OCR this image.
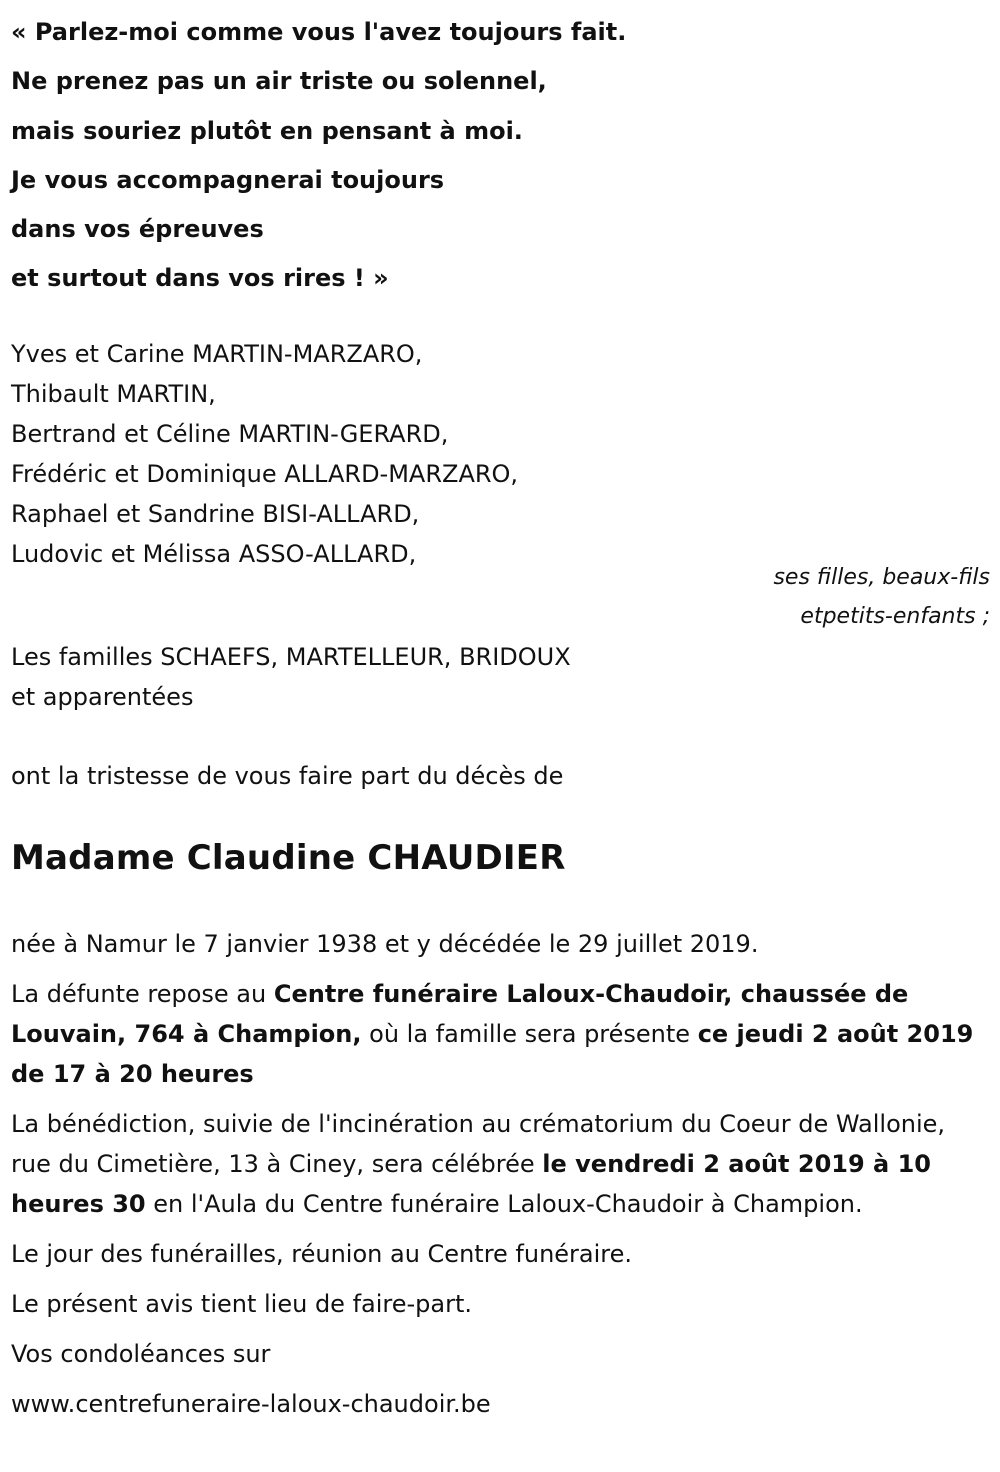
« Parlez-moi comme vous l'avez toujours fait.
Ne prenez pas un air triste ou solennel,
mais souriez plutôt en pensant à moi.
Je vous accompagnerai toujours
dans vos épreuves
et surtout dans vos rires ! »
Yves et Carine MARTIN-MARZARO,
Thibault MARTIN,
Bertrand et Céline MARTIN-GERARD,
Frédéric et Dominique ALLARD-MARZARO,
Raphael et Sandrine BISI-ALLARD,
Ludovic et Mélissa ASSO-ALLARD,
ses filles, beaux-fils
etpetits-enfants ;
Les familles SCHAEFS, MARTELLEUR, BRIDOUX
et apparentées
ont la tristesse de vous faire part du décès de
Madame Claudine CHAUDIER

née à Namur le 7 janvier 1938 et y décédée le 29 juillet 2019.

La défunte repose au Centre funéraire Laloux-Chaudoir, chaussée de Louvain, 764 à Champion, où la famille sera présente ce jeudi 2 août 2019 de 17 à 20 heures

La bénédiction, suivie de l'incinération au crématorium du Coeur de Wallonie, rue du Cimetière, 13 à Ciney, sera célébrée le vendredi 2 août 2019 à 10 heures 30 en l'Aula du Centre funéraire Laloux-Chaudoir à Champion.

Le jour des funérailles, réunion au Centre funéraire.

Le présent avis tient lieu de faire-part.

Vos condoléances sur

www.centrefuneraire-laloux-chaudoir.be
